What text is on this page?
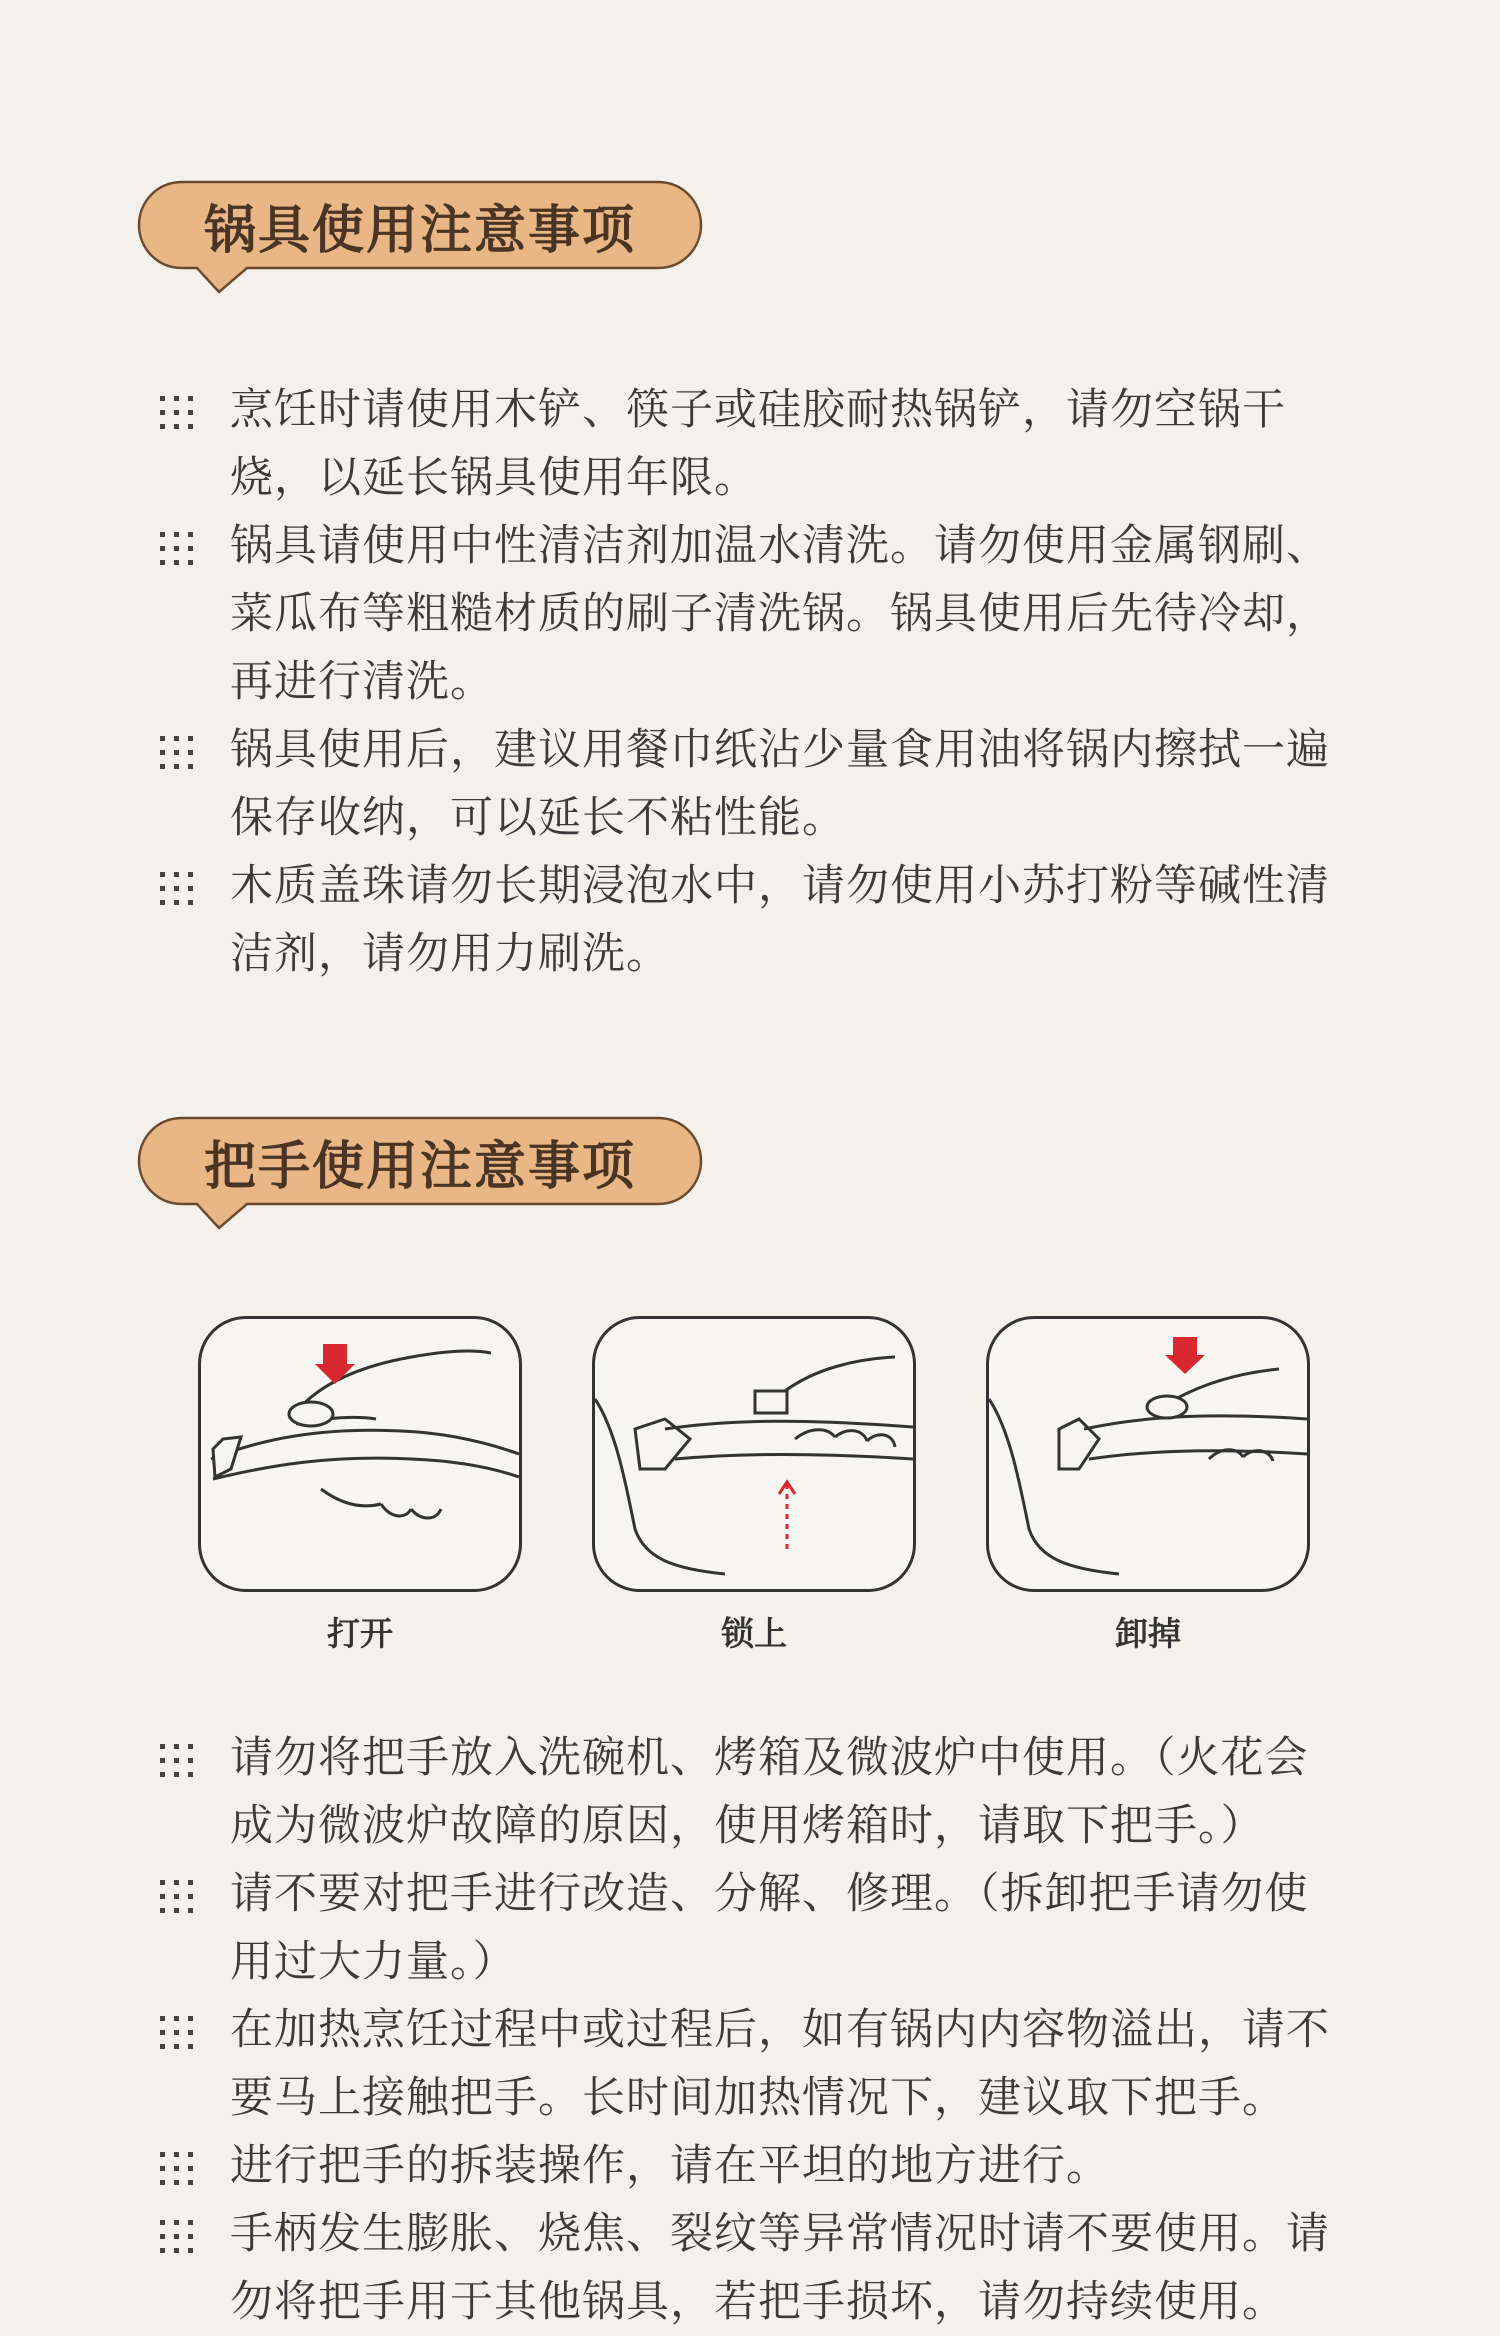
锅具使用注意事项
烹饪时请使用木铲、筷子或硅胶耐热锅铲，请勿空锅干烧，以延长锅具使用年限。
锅具请使用中性清洁剂加温水清洗。请勿使用金属钢刷、菜瓜布等粗糙材质的刷子清洗锅。锅具使用后先待冷却，再进行清洗。
锅具使用后，建议用餐巾纸沾少量食用油将锅内擦拭一遍保存收纳，可以延长不粘性能。
木质盖珠请勿长期浸泡水中，请勿使用小苏打粉等碱性清洁剂，请勿用力刷洗。
把手使用注意事项
打开	锁上	卸掉
请勿将把手放入洗碗机、烤箱及微波炉中使用。（火花会成为微波炉故障的原因，使用烤箱时，请取下把手。）
请不要对把手进行改造、分解、修理。（拆卸把手请勿使用过大力量。）
在加热烹饪过程中或过程后，如有锅内内容物溢出，请不要马上接触把手。长时间加热情况下，建议取下把手。
进行把手的拆装操作，请在平坦的地方进行。
手柄发生膨胀、烧焦、裂纹等异常情况时请不要使用。请勿将把手用于其他锅具，若把手损坏，请勿持续使用。
